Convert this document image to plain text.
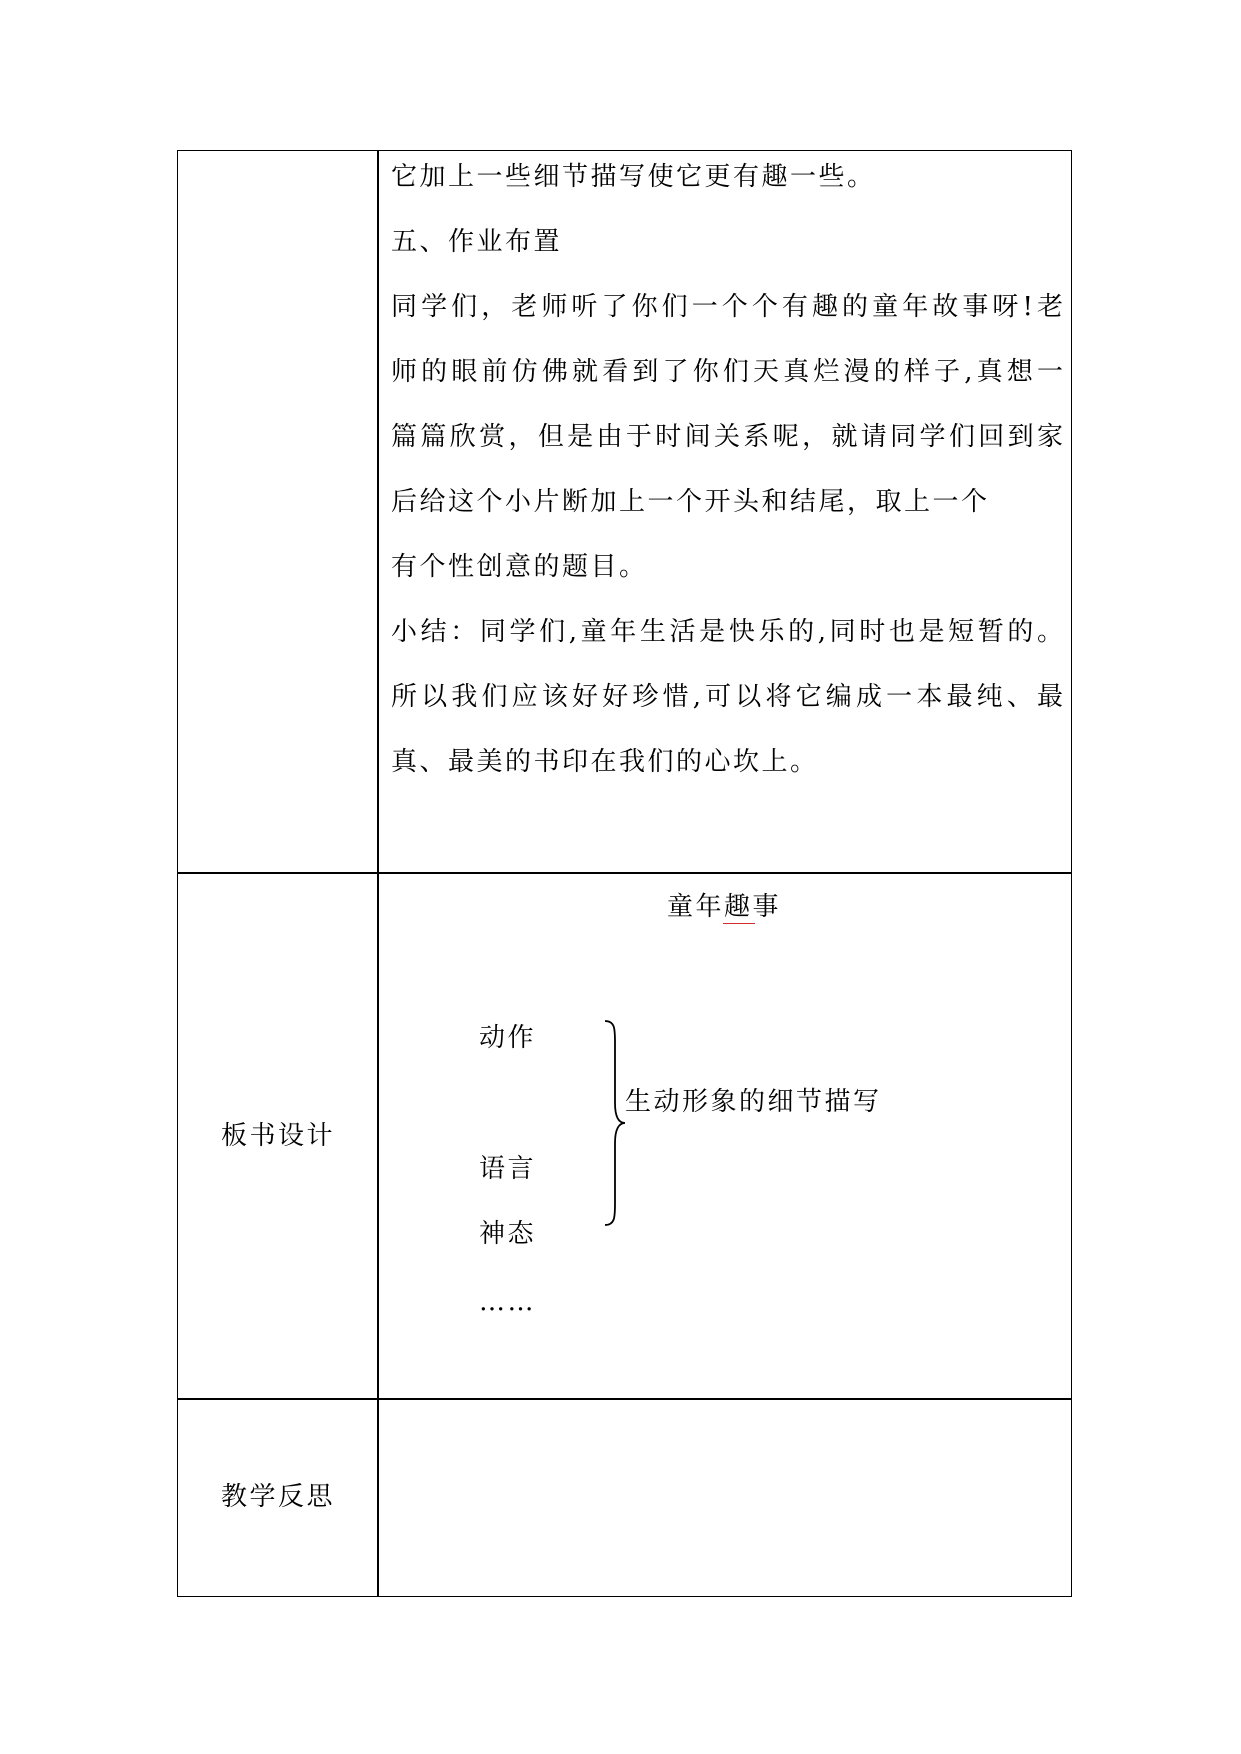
它加上一些细节描写使它更有趣一些。
五、作业布置
同学们，老师听了你们一个个有趣的童年故事呀!老
师的眼前仿佛就看到了你们天真烂漫的样子,真想一
篇篇欣赏，但是由于时间关系呢，就请同学们回到家
后给这个小片断加上一个开头和结尾，取上一个
有个性创意的题目。
小结：同学们,童年生活是快乐的,同时也是短暂的。
所以我们应该好好珍惜,可以将它编成一本最纯、最
真、最美的书印在我们的心坎上。
板书设计
童年趣事
动作
语言
神态
……
生动形象的细节描写
教学反思
